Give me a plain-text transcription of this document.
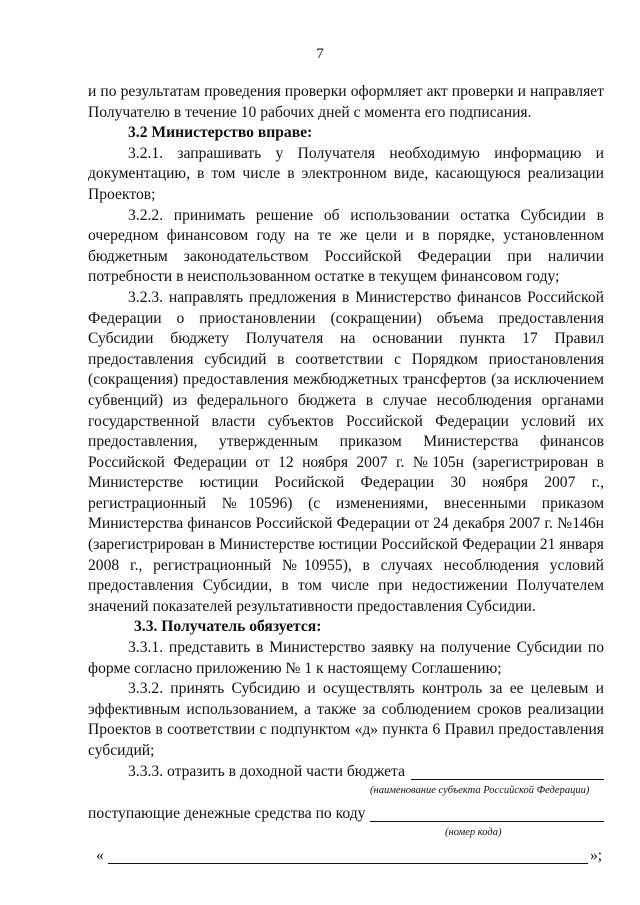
7

и по результатам проведения проверки оформляет акт проверки и направляет Получателю в течение 10 рабочих дней с момента его подписания.

3.2 Министерство вправе:

3.2.1. запрашивать у Получателя необходимую информацию и документацию, в том числе в электронном виде, касающуюся реализации Проектов;

3.2.2. принимать решение об использовании остатка Субсидии в очередном финансовом году на те же цели и в порядке, установленном бюджетным законодательством Российской Федерации при наличии потребности в неиспользованном остатке в текущем финансовом году;

3.2.3. направлять предложения в Министерство финансов Российской Федерации о приостановлении (сокращении) объема предоставления Субсидии бюджету Получателя на основании пункта 17 Правил предоставления субсидий в соответствии с Порядком приостановления (сокращения) предоставления межбюджетных трансфертов (за исключением субвенций) из федерального бюджета в случае несоблюдения органами государственной власти субъектов Российской Федерации условий их предоставления, утвержденным приказом Министерства финансов Российской Федерации от 12 ноября 2007 г. №105н (зарегистрирован в Министерстве юстиции Росийской Федерации 30 ноября 2007 г., регистрационный №10596) (с изменениями, внесенными приказом Министерства финансов Российской Федерации от 24 декабря 2007 г. №146н (зарегистрирован в Министерстве юстиции Российской Федерации 21 января 2008 г., регистрационный №10955), в случаях несоблюдения условий предоставления Субсидии, в том числе при недостижении Получателем значений показателей результативности предоставления Субсидии.

3.3. Получатель обязуется:

3.3.1. представить в Министерство заявку на получение Субсидии по форме согласно приложению № 1 к настоящему Соглашению;

3.3.2. принять Субсидию и осуществлять контроль за ее целевым и эффективным использованием, а также за соблюдением сроков реализации Проектов в соответствии с подпунктом «д» пункта 6 Правил предоставления субсидий;

3.3.3. отразить в доходной части бюджета
(наименование субъекта Российской Федерации)
поступающие денежные средства по коду
(номер кода)
«	»;
